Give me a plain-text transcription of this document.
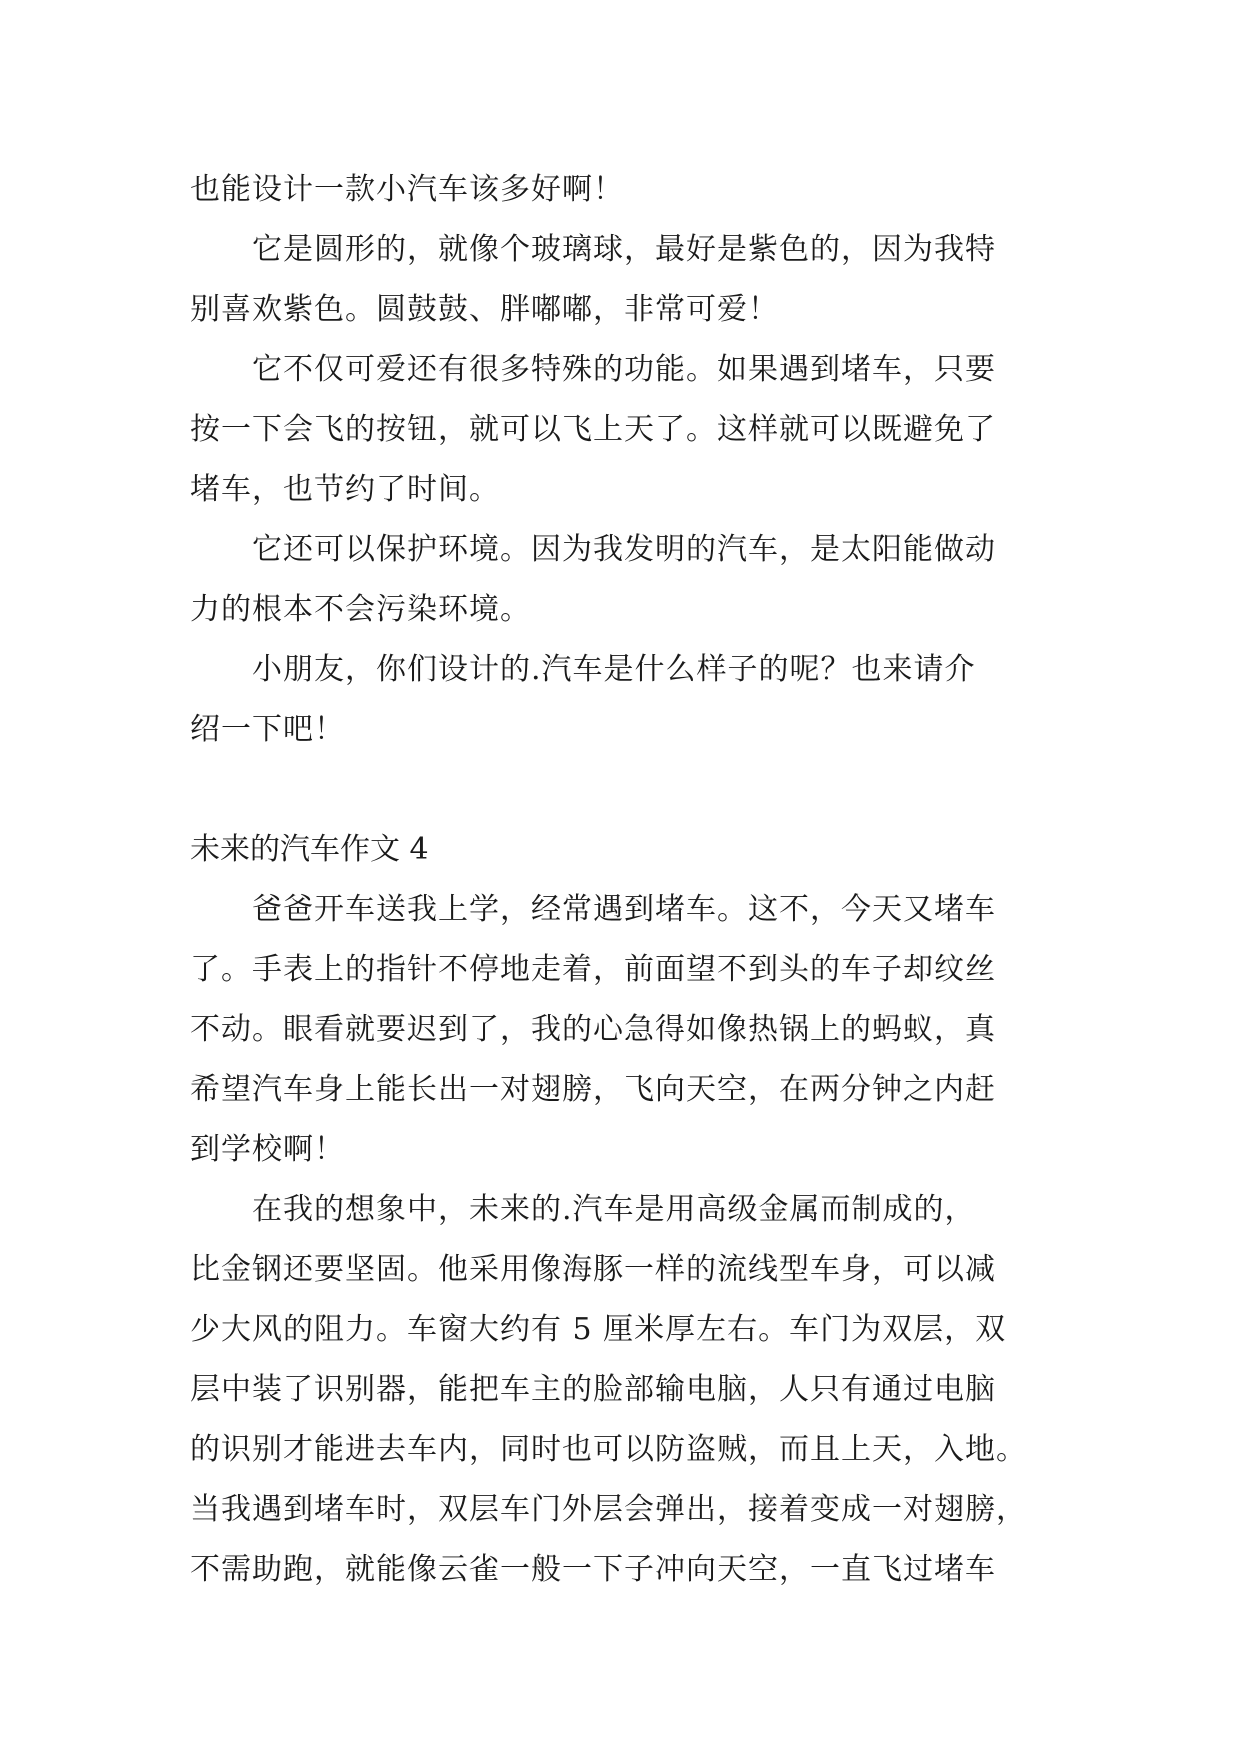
也能设计一款小汽车该多好啊！
它是圆形的，就像个玻璃球，最好是紫色的，因为我特
别喜欢紫色。圆鼓鼓、胖嘟嘟，非常可爱！
它不仅可爱还有很多特殊的功能。如果遇到堵车，只要
按一下会飞的按钮，就可以飞上天了。这样就可以既避免了
堵车，也节约了时间。
它还可以保护环境。因为我发明的汽车，是太阳能做动
力的根本不会污染环境。
小朋友，你们设计的.汽车是什么样子的呢？也来请介
绍一下吧！
未来的汽车作文 4
爸爸开车送我上学，经常遇到堵车。这不，今天又堵车
了。手表上的指针不停地走着，前面望不到头的车子却纹丝
不动。眼看就要迟到了，我的心急得如像热锅上的蚂蚁，真
希望汽车身上能长出一对翅膀，飞向天空，在两分钟之内赶
到学校啊！
在我的想象中，未来的.汽车是用高级金属而制成的，
比金钢还要坚固。他采用像海豚一样的流线型车身，可以减
少大风的阻力。车窗大约有 5 厘米厚左右。车门为双层，双
层中装了识别器，能把车主的脸部输电脑，人只有通过电脑
的识别才能进去车内，同时也可以防盗贼，而且上天，入地。
当我遇到堵车时，双层车门外层会弹出，接着变成一对翅膀，
不需助跑，就能像云雀一般一下子冲向天空，一直飞过堵车
